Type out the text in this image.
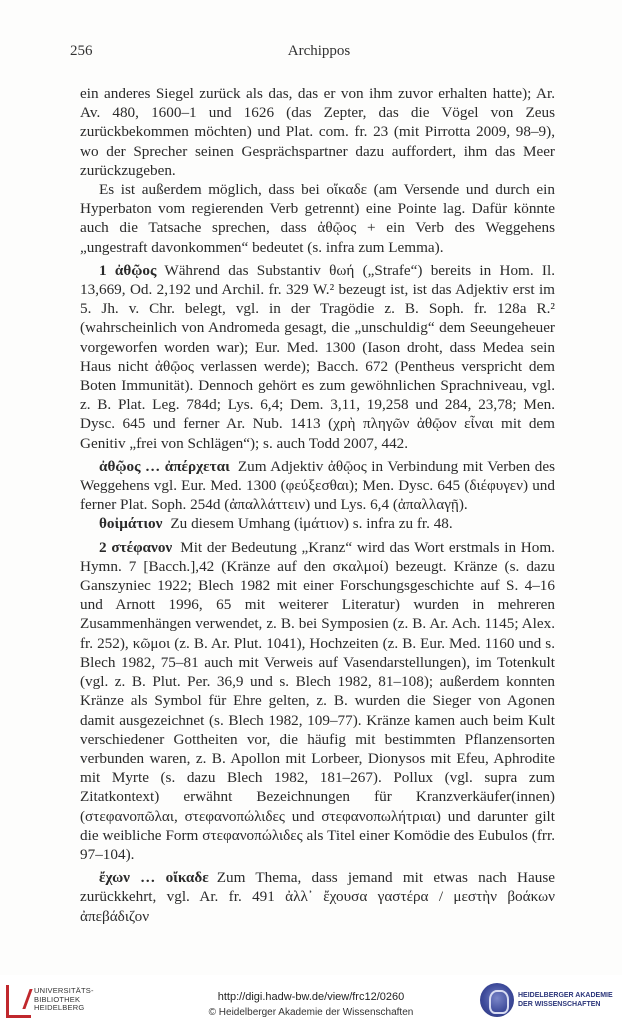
256	Archippos

ein anderes Siegel zurück als das, das er von ihm zuvor erhalten hatte); Ar. Av. 480, 1600–1 und 1626 (das Zepter, das die Vögel von Zeus zurückbekommen möchten) und Plat. com. fr. 23 (mit Pirrotta 2009, 98–9), wo der Sprecher seinen Gesprächspartner dazu auffordert, ihm das Meer zurückzugeben.

Es ist außerdem möglich, dass bei οἴκαδε (am Versende und durch ein Hyperbaton vom regierenden Verb getrennt) eine Pointe lag. Dafür könnte auch die Tatsache sprechen, dass ἀθῷος + ein Verb des Weggehens „ungestraft davonkommen“ bedeutet (s. infra zum Lemma).

1 ἀθῷος Während das Substantiv θωή („Strafe“) bereits in Hom. Il. 13,669, Od. 2,192 und Archil. fr. 329 W.² bezeugt ist, ist das Adjektiv erst im 5. Jh. v. Chr. belegt, vgl. in der Tragödie z. B. Soph. fr. 128a R.² (wahrscheinlich von Andromeda gesagt, die „unschuldig“ dem Seeungeheuer vorgeworfen worden war); Eur. Med. 1300 (Iason droht, dass Medea sein Haus nicht ἀθῷος verlassen werde); Bacch. 672 (Pentheus verspricht dem Boten Immunität). Dennoch gehört es zum gewöhnlichen Sprachniveau, vgl. z. B. Plat. Leg. 784d; Lys. 6,4; Dem. 3,11, 19,258 und 284, 23,78; Men. Dysc. 645 und ferner Ar. Nub. 1413 (χρὴ πληγῶν ἀθῷον εἶναι mit dem Genitiv „frei von Schlägen“); s. auch Todd 2007, 442.

ἀθῷος … ἀπέρχεται Zum Adjektiv ἀθῷος in Verbindung mit Verben des Weggehens vgl. Eur. Med. 1300 (φεύξεσθαι); Men. Dysc. 645 (διέφυγεν) und ferner Plat. Soph. 254d (ἀπαλλάττειν) und Lys. 6,4 (ἀπαλλαγῇ).

θοἰμάτιον Zu diesem Umhang (ἱμάτιον) s. infra zu fr. 48.

2 στέφανον Mit der Bedeutung „Kranz“ wird das Wort erstmals in Hom. Hymn. 7 [Bacch.],42 (Kränze auf den σκαλμοί) bezeugt. Kränze (s. dazu Ganszyniec 1922; Blech 1982 mit einer Forschungsgeschichte auf S. 4–16 und Arnott 1996, 65 mit weiterer Literatur) wurden in mehreren Zusammenhängen verwendet, z. B. bei Symposien (z. B. Ar. Ach. 1145; Alex. fr. 252), κῶμοι (z. B. Ar. Plut. 1041), Hochzeiten (z. B. Eur. Med. 1160 und s. Blech 1982, 75–81 auch mit Verweis auf Vasendarstellungen), im Totenkult (vgl. z. B. Plut. Per. 36,9 und s. Blech 1982, 81–108); außerdem konnten Kränze als Symbol für Ehre gelten, z. B. wurden die Sieger von Agonen damit ausgezeichnet (s. Blech 1982, 109–77). Kränze kamen auch beim Kult verschiedener Gottheiten vor, die häufig mit bestimmten Pflanzensorten verbunden waren, z. B. Apollon mit Lorbeer, Dionysos mit Efeu, Aphrodite mit Myrte (s. dazu Blech 1982, 181–267). Pollux (vgl. supra zum Zitatkontext) erwähnt Bezeichnungen für Kranzverkäufer(innen) (στεφανοπῶλαι, στεφανοπώλιδες und στεφανοπωλήτριαι) und darunter gilt die weibliche Form στεφανοπώλιδες als Titel einer Komödie des Eubulos (frr. 97–104).

ἔχων … οἴκαδε Zum Thema, dass jemand mit etwas nach Hause zurückkehrt, vgl. Ar. fr. 491 ἀλλ᾽ ἔχουσα γαστέρα / μεστὴν βοάκων ἀπεβάδιζον

UNIVERSITÄTS-
BIBLIOTHEK
HEIDELBERG
http://digi.hadw-bw.de/view/frc12/0260
© Heidelberger Akademie der Wissenschaften
HEIDELBERGER AKADEMIE
DER WISSENSCHAFTEN
